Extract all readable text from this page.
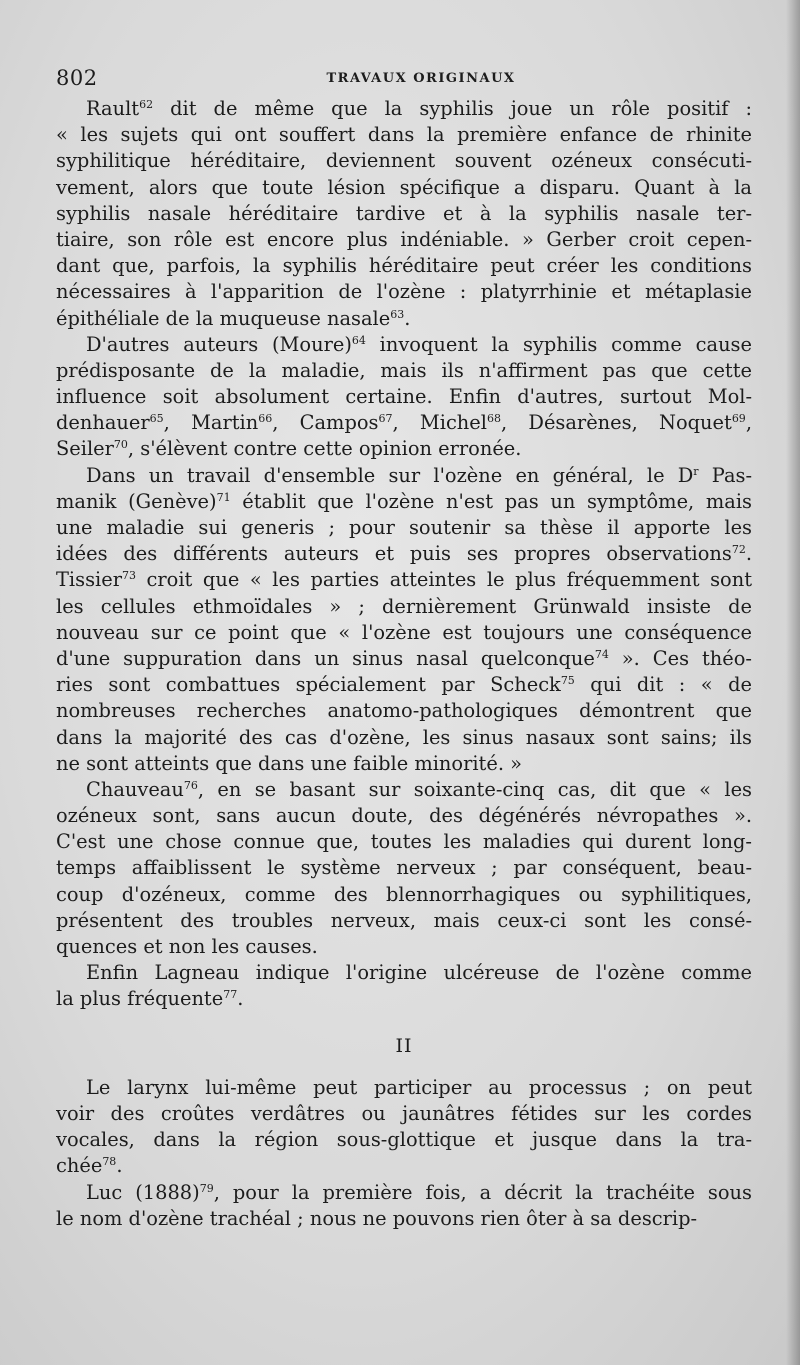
802	TRAVAUX ORIGINAUX
Rault$^{62}$ dit de même que la syphilis joue un rôle positif :
« les sujets qui ont souffert dans la première enfance de rhinite
syphilitique héréditaire, deviennent souvent ozéneux consécuti-
vement, alors que toute lésion spécifique a disparu. Quant à la
syphilis nasale héréditaire tardive et à la syphilis nasale ter-
tiaire, son rôle est encore plus indéniable. » Gerber croit cepen-
dant que, parfois, la syphilis héréditaire peut créer les conditions
nécessaires à l'apparition de l'ozène : platyrrhinie et métaplasie
épithéliale de la muqueuse nasale$^{63}$.
D'autres auteurs (Moure)$^{64}$ invoquent la syphilis comme cause
prédisposante de la maladie, mais ils n'affirment pas que cette
influence soit absolument certaine. Enfin d'autres, surtout Mol-
denhauer$^{65}$, Martin$^{66}$, Campos$^{67}$, Michel$^{68}$, Désarènes, Noquet$^{69}$,
Seiler$^{70}$, s'élèvent contre cette opinion erronée.
Dans un travail d'ensemble sur l'ozène en général, le $D^r$ Pas-
manik (Genève)$^{71}$ établit que l'ozène n'est pas un symptôme, mais
une maladie sui generis ; pour soutenir sa thèse il apporte les
idées des différents auteurs et puis ses propres observations$^{72}$.
Tissier$^{73}$ croit que « les parties atteintes le plus fréquemment sont
les cellules ethmoïdales » ; dernièrement Grünwald insiste de
nouveau sur ce point que « l'ozène est toujours une conséquence
d'une suppuration dans un sinus nasal quelconque$^{74}$ ». Ces théo-
ries sont combattues spécialement par Scheck$^{75}$ qui dit : « de
nombreuses recherches anatomo-pathologiques démontrent que
dans la majorité des cas d'ozène, les sinus nasaux sont sains; ils
ne sont atteints que dans une faible minorité. »
Chauveau$^{76}$, en se basant sur soixante-cinq cas, dit que « les
ozéneux sont, sans aucun doute, des dégénérés névropathes ».
C'est une chose connue que, toutes les maladies qui durent long-
temps affaiblissent le système nerveux ; par conséquent, beau-
coup d'ozéneux, comme des blennorrhagiques ou syphilitiques,
présentent des troubles nerveux, mais ceux-ci sont les consé-
quences et non les causes.
Enfin Lagneau indique l'origine ulcéreuse de l'ozène comme
la plus fréquente$^{77}$.
II
Le larynx lui-même peut participer au processus ; on peut
voir des croûtes verdâtres ou jaunâtres fétides sur les cordes
vocales, dans la région sous-glottique et jusque dans la tra-
chée$^{78}$.
Luc $(1888)^{79}$, pour la première fois, a décrit la trachéite sous
le nom d'ozène trachéal ; nous ne pouvons rien ôter à sa descrip-
